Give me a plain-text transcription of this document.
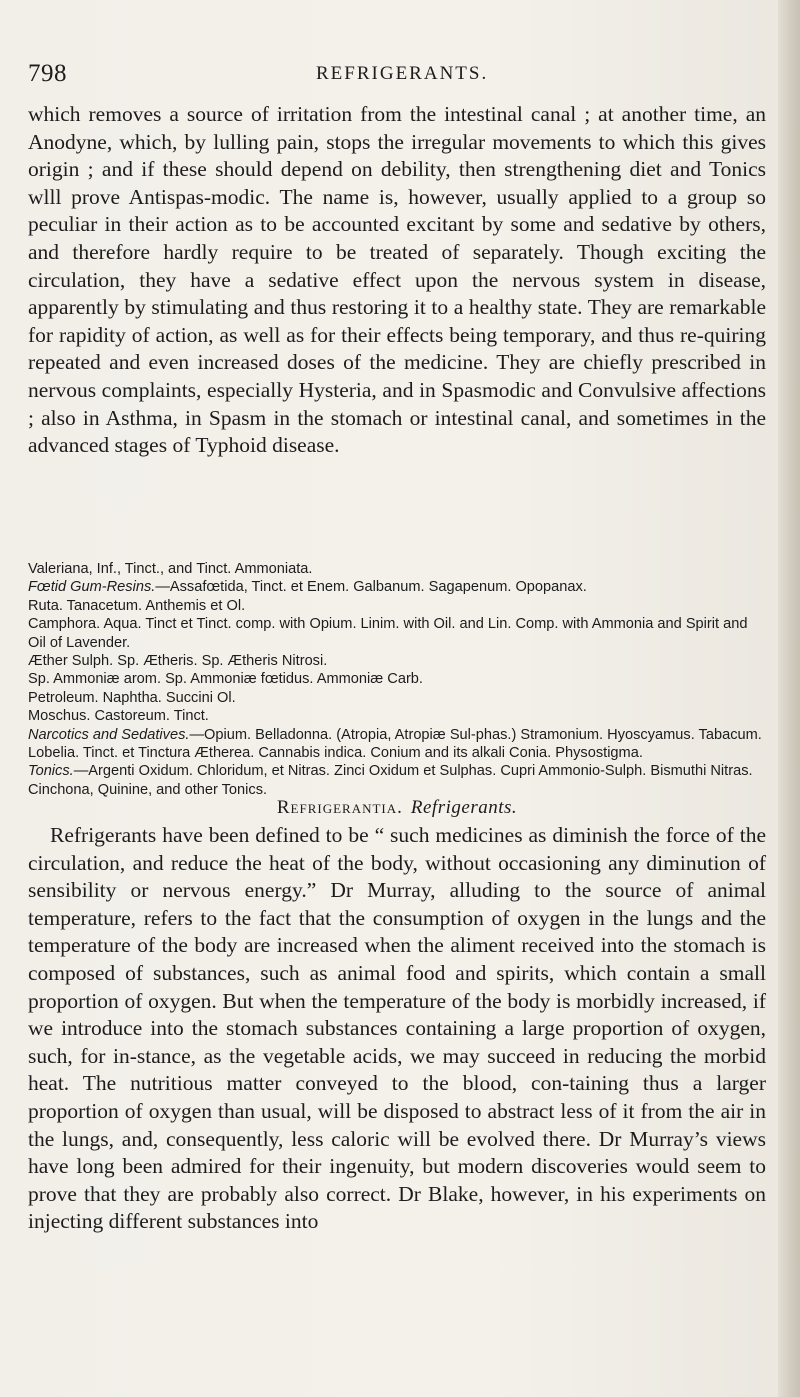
798	REFRIGERANTS.

which removes a source of irritation from the intestinal canal ; at another time, an Anodyne, which, by lulling pain, stops the irregular movements to which this gives origin ; and if these should depend on debility, then strengthening diet and Tonics wlll prove Antispas-modic. The name is, however, usually applied to a group so peculiar in their action as to be accounted excitant by some and sedative by others, and therefore hardly require to be treated of separately. Though exciting the circulation, they have a sedative effect upon the nervous system in disease, apparently by stimulating and thus restoring it to a healthy state. They are remarkable for rapidity of action, as well as for their effects being temporary, and thus re-quiring repeated and even increased doses of the medicine. They are chiefly prescribed in nervous complaints, especially Hysteria, and in Spasmodic and Convulsive affections ; also in Asthma, in Spasm in the stomach or intestinal canal, and sometimes in the advanced stages of Typhoid disease.

Valeriana, Inf., Tinct., and Tinct. Ammoniata.

Fœtid Gum-Resins.—Assafœtida, Tinct. et Enem. Galbanum. Sagapenum. Opopanax.

Ruta. Tanacetum. Anthemis et Ol.

Camphora. Aqua. Tinct et Tinct. comp. with Opium. Linim. with Oil. and Lin. Comp. with Ammonia and Spirit and Oil of Lavender.

Æther Sulph. Sp. Ætheris. Sp. Ætheris Nitrosi.

Sp. Ammoniæ arom. Sp. Ammoniæ fœtidus. Ammoniæ Carb.

Petroleum. Naphtha. Succini Ol.

Moschus. Castoreum. Tinct.

Narcotics and Sedatives.—Opium. Belladonna. (Atropia, Atropiæ Sul-phas.) Stramonium. Hyoscyamus. Tabacum. Lobelia. Tinct. et Tinctura Ætherea. Cannabis indica. Conium and its alkali Conia. Physostigma.

Tonics.—Argenti Oxidum. Chloridum, et Nitras. Zinci Oxidum et Sulphas. Cupri Ammonio-Sulph. Bismuthi Nitras. Cinchona, Quinine, and other Tonics.

Refrigerantia. Refrigerants.

Refrigerants have been defined to be “ such medicines as diminish the force of the circulation, and reduce the heat of the body, without occasioning any diminution of sensibility or nervous energy.” Dr Murray, alluding to the source of animal temperature, refers to the fact that the consumption of oxygen in the lungs and the temperature of the body are increased when the aliment received into the stomach is composed of substances, such as animal food and spirits, which contain a small proportion of oxygen. But when the temperature of the body is morbidly increased, if we introduce into the stomach substances containing a large proportion of oxygen, such, for in-stance, as the vegetable acids, we may succeed in reducing the morbid heat. The nutritious matter conveyed to the blood, con-taining thus a larger proportion of oxygen than usual, will be disposed to abstract less of it from the air in the lungs, and, consequently, less caloric will be evolved there. Dr Murray’s views have long been admired for their ingenuity, but modern discoveries would seem to prove that they are probably also correct. Dr Blake, however, in his experiments on injecting different substances into
